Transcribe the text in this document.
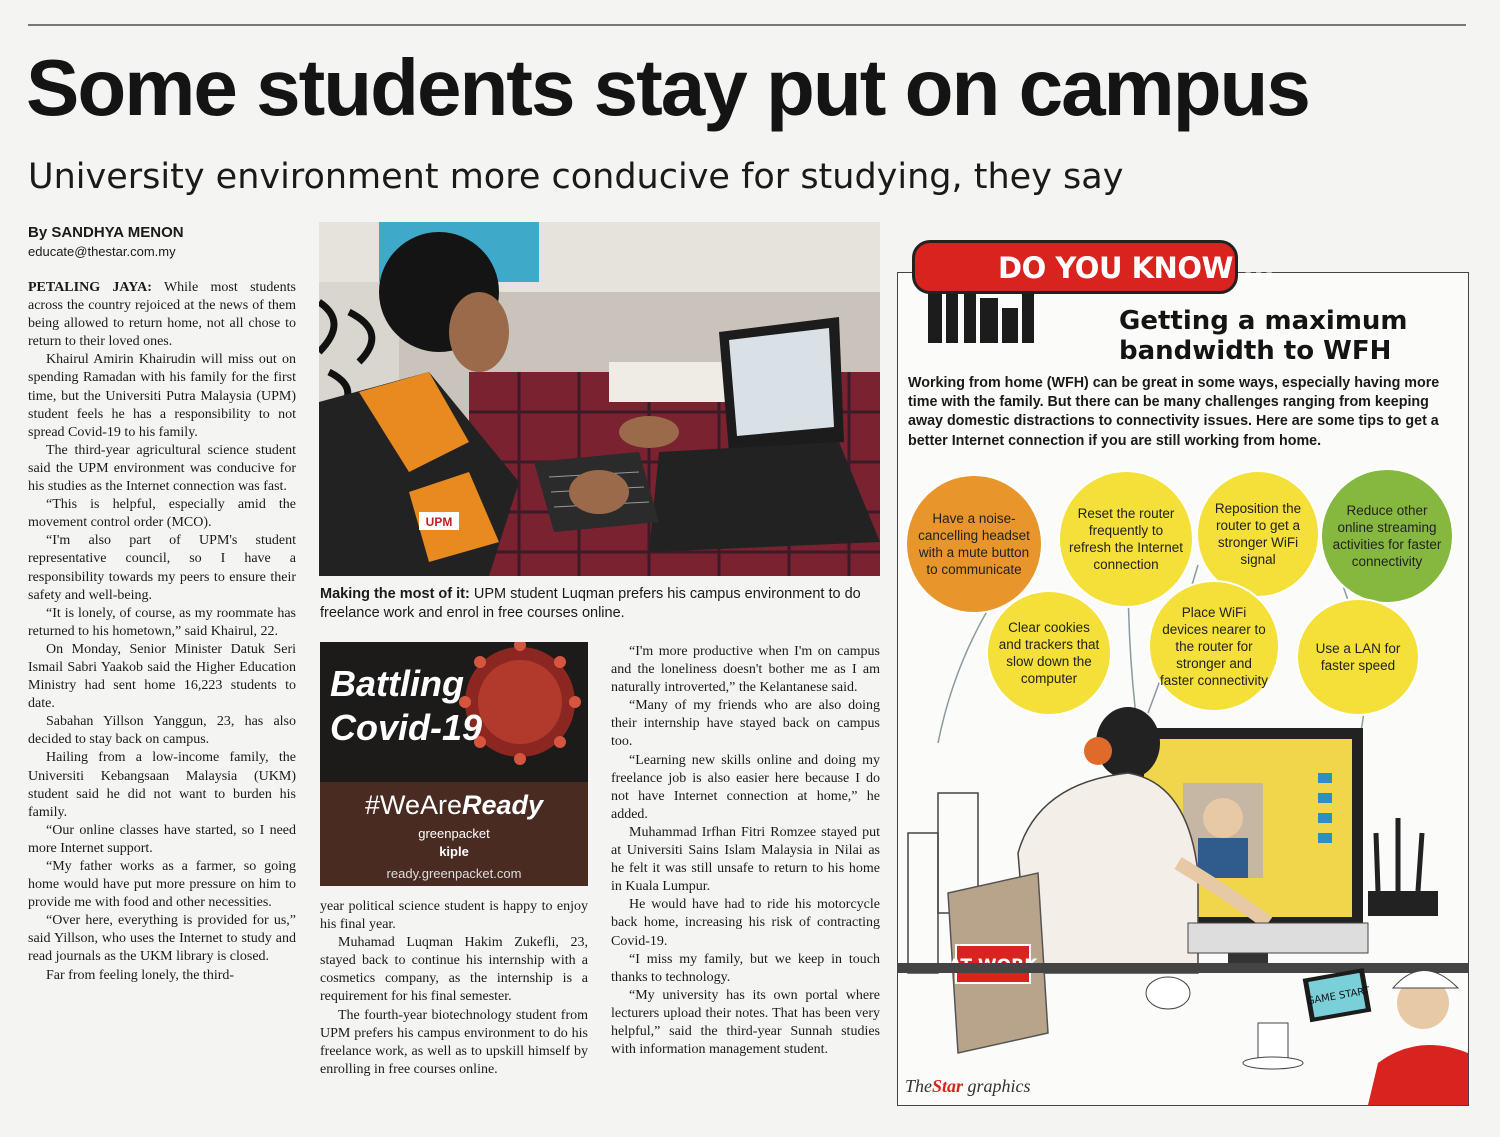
Some students stay put on campus
University environment more conducive for studying, they say
By SANDHYA MENON
educate@thestar.com.my

PETALING JAYA: While most students across the country rejoiced at the news of them being allowed to return home, not all chose to return to their loved ones.

Khairul Amirin Khairudin will miss out on spending Ramadan with his family for the first time, but the Universiti Putra Malaysia (UPM) student feels he has a responsibility to not spread Covid-19 to his family.

The third-year agricultural science student said the UPM environment was conducive for his studies as the Internet connection was fast.

“This is helpful, especially amid the movement control order (MCO).

“I'm also part of UPM's student representative council, so I have a responsibility towards my peers to ensure their safety and well-being.

“It is lonely, of course, as my roommate has returned to his hometown,” said Khairul, 22.

On Monday, Senior Minister Datuk Seri Ismail Sabri Yaakob said the Higher Education Ministry had sent home 16,223 students to date.

Sabahan Yillson Yanggun, 23, has also decided to stay back on campus.

Hailing from a low-income family, the Universiti Kebangsaan Malaysia (UKM) student said he did not want to burden his family.

“Our online classes have started, so I need more Internet support.

“My father works as a farmer, so going home would have put more pressure on him to provide me with food and other necessities.

“Over here, everything is provided for us,” said Yillson, who uses the Internet to study and read journals as the UKM library is closed.

Far from feeling lonely, the third-

UPM
Making the most of it: UPM student Luqman prefers his campus environment to do freelance work and enrol in free courses online.
Battling
Covid-19
#WeAreReady
greenpacket
kiple
ready.greenpacket.com

year political science student is happy to enjoy his final year.

Muhamad Luqman Hakim Zukefli, 23, stayed back to continue his internship with a cosmetics company, as the internship is a requirement for his final semester.

The fourth-year biotechnology student from UPM prefers his campus environment to do his freelance work, as well as to upskill himself by enrolling in free courses online.

“I'm more productive when I'm on campus and the loneliness doesn't bother me as I am naturally introverted,” the Kelantanese said.

“Many of my friends who are also doing their internship have stayed back on campus too.

“Learning new skills online and doing my freelance job is also easier here because I do not have Internet connection at home,” he added.

Muhammad Irfhan Fitri Romzee stayed put at Universiti Sains Islam Malaysia in Nilai as he felt it was still unsafe to return to his home in Kuala Lumpur.

He would have had to ride his motorcycle back home, increasing his risk of contracting Covid-19.

“I miss my family, but we keep in touch thanks to technology.

“My university has its own portal where lecturers upload their notes. That has been very helpful,” said the third-year Sunnah studies with information management student.

GAME START
DO YOU KNOW ...
Getting a maximum bandwidth to WFH
Working from home (WFH) can be great in some ways, especially having more time with the family. But there can be many challenges ranging from keeping away domestic distractions to connectivity issues. Here are some tips to get a better Internet connection if you are still working from home.
Have a noise-cancelling headset with a mute button to communicate
Reset the router frequently to refresh the Internet connection
Reposition the router to get a stronger WiFi signal
Reduce other online streaming activities for faster connectivity
Clear cookies and trackers that slow down the computer
Place WiFi devices nearer to the router for stronger and faster connectivity
Use a LAN for faster speed
TheStar graphics
